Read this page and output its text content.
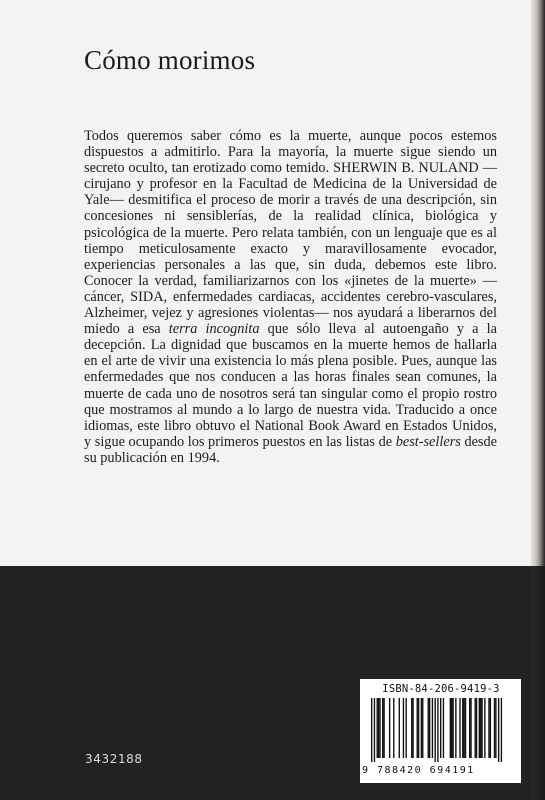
Cómo morimos

Todos queremos saber cómo es la muerte, aunque pocos estemos dispuestos a admitirlo. Para la mayoría, la muerte sigue siendo un secreto oculto, tan erotizado como temido. SHERWIN B. NULAND —cirujano y profesor en la Facultad de Medicina de la Universidad de Yale— desmitifica el proceso de morir a través de una descripción, sin concesiones ni sensiblerías, de la realidad clínica, biológica y psicológica de la muerte. Pero relata también, con un lenguaje que es al tiempo meticulosamente exacto y maravillosamente evocador, experiencias personales a las que, sin duda, debemos este libro. Conocer la verdad, familiarizarnos con los «jinetes de la muerte» —cáncer, SIDA, enfermedades cardiacas, accidentes cerebro-vasculares, Alzheimer, vejez y agresiones violentas— nos ayudará a liberarnos del miedo a esa terra incognita que sólo lleva al autoengaño y a la decepción. La dignidad que buscamos en la muerte hemos de hallarla en el arte de vivir una existencia lo más plena posible. Pues, aunque las enfermedades que nos conducen a las horas finales sean comunes, la muerte de cada uno de nosotros será tan singular como el propio rostro que mostramos al mundo a lo largo de nuestra vida. Traducido a once idiomas, este libro obtuvo el National Book Award en Estados Unidos, y sigue ocupando los primeros puestos en las listas de best-sellers desde su publicación en 1994.

3432188
ISBN-84-206-9419-3
9 788420 694191
